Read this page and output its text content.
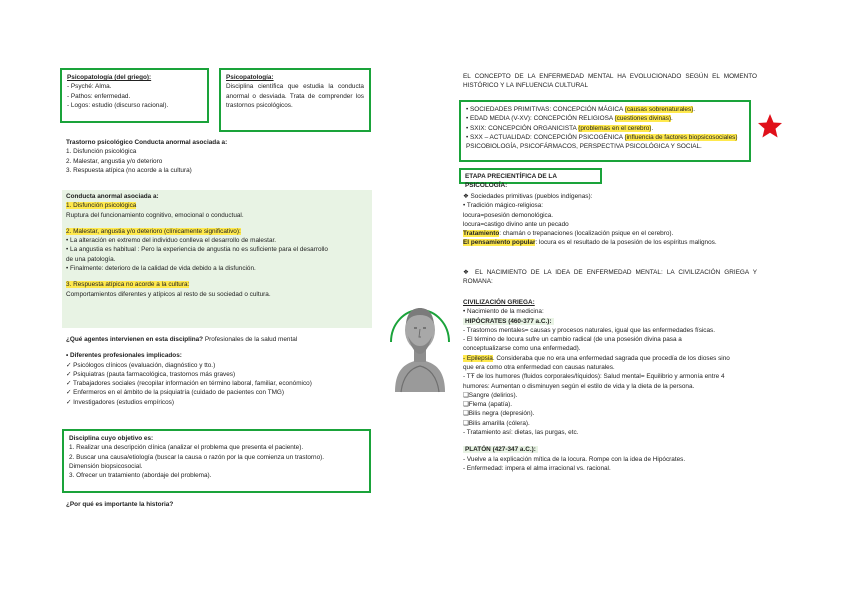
Psicopatología (del griego):
- Psyché: Alma.
- Pathos: enfermedad.
- Logos: estudio (discurso racional).
Psicopatología:
Disciplina científica que estudia la conducta anormal o desviada. Trata de comprender los trastornos psicológicos.
Trastorno psicológico Conducta anormal asociada a:
1. Disfunción psicológica
2. Malestar, angustia y/o deterioro
3. Respuesta atípica (no acorde a la cultura)
Conducta anormal asociada a:
1. Disfunción psicológica
Ruptura del funcionamiento cognitivo, emocional o conductual.
2. Malestar, angustia y/o deterioro (clínicamente significativo):
• La alteración en extremo del individuo conlleva el desarrollo de malestar.
• La angustia es habitual : Pero la experiencia de angustia no es suficiente para el desarrollo
de una patología.
• Finalmente: deterioro de la calidad de vida debido a la disfunción.
3. Respuesta atípica no acorde a la cultura:
Comportamientos diferentes y atípicos al resto de su sociedad o cultura.
¿Qué agentes intervienen en esta disciplina? Profesionales de la salud mental
• Diferentes profesionales implicados:
✓ Psicólogos clínicos (evaluación, diagnóstico y tto.)
✓ Psiquiatras (pauta farmacológica, trastornos más graves)
✓ Trabajadores sociales (recopilar información en término laboral, familiar, económico)
✓ Enfermeros en el ámbito de la psiquiatría (cuidado de pacientes con TMG)
✓ Investigadores (estudios empíricos)
Disciplina cuyo objetivo es:
1. Realizar una descripción clínica (analizar el problema que presenta el paciente).
2. Buscar una causa/etiología (buscar la causa o razón por la que comienza un trastorno).
Dimensión biopsicosocial.
3. Ofrecer un tratamiento (abordaje del problema).
¿Por qué es importante la historia?
EL CONCEPTO DE LA ENFERMEDAD MENTAL HA EVOLUCIONADO SEGÚN EL MOMENTO HISTÓRICO Y LA INFLUENCIA CULTURAL
• SOCIEDADES PRIMITIVAS: CONCEPCIÓN MÁGICA (causas sobrenaturales).
• EDAD MEDIA (V-XV): CONCEPCIÓN RELIGIOSA (cuestiones divinas).
• SXIX: CONCEPCIÓN ORGANICISTA (problemas en el cerebro).
• SXX – ACTUALIDAD: CONCEPCIÓN PSICOGÉNICA (influencia de factores biopsicosociales)
PSICOBIOLOGÍA, PSICOFÁRMACOS, PERSPECTIVA PSICOLÓGICA Y SOCIAL.
ETAPA PRECIENTÍFICA DE LA PSICOLOGÍA:
❖ Sociedades primitivas (pueblos indígenas):
• Tradición mágico-religiosa:
locura=posesión demonológica.
locura=castigo divino ante un pecado
Tratamiento: chamán o trepanaciones (localización psique en el cerebro).
El pensamiento popular: locura es el resultado de la posesión de los espíritus malignos.
❖ EL NACIMIENTO DE LA IDEA DE ENFERMEDAD MENTAL: LA CIVILIZACIÓN GRIEGA Y ROMANA:
CIVILIZACIÓN GRIEGA:
• Nacimiento de la medicina:
HIPÓCRATES (460-377 a.C.):
- Trastornos mentales= causas y procesos naturales, igual que las enfermedades físicas.
- El término de locura sufre un cambio radical (de una posesión divina pasa a
conceptualizarse como una enfermedad).
- Epilepsia. Consideraba que no era una enfermedad sagrada que procedía de los dioses sino
que era como otra enfermedad con causas naturales.
- TŦ de los humores (fluidos corporales/líquidos): Salud mental= Equilibrio y armonía entre 4
humores: Aumentan o disminuyen según el estilo de vida y la dieta de la persona.
❑Sangre (delirios).
❑Flema (apatía).
❑Bilis negra (depresión).
❑Bilis amarilla (cólera).
- Tratamiento así: dietas, las purgas, etc.
PLATÓN (427-347 a.C.):
- Vuelve a la explicación mítica de la locura. Rompe con la idea de Hipócrates.
- Enfermedad: impera el alma irracional vs. racional.
